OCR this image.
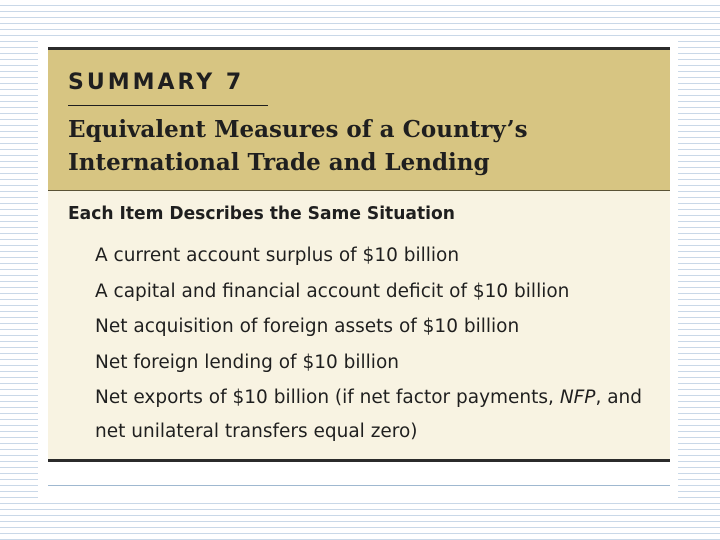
SUMMARY 7
Equivalent Measures of a Country’s International Trade and Lending
Each Item Describes the Same Situation
A current account surplus of $10 billion
A capital and financial account deficit of $10 billion
Net acquisition of foreign assets of $10 billion
Net foreign lending of $10 billion
Net exports of $10 billion (if net factor payments, NFP, and net unilateral transfers equal zero)
